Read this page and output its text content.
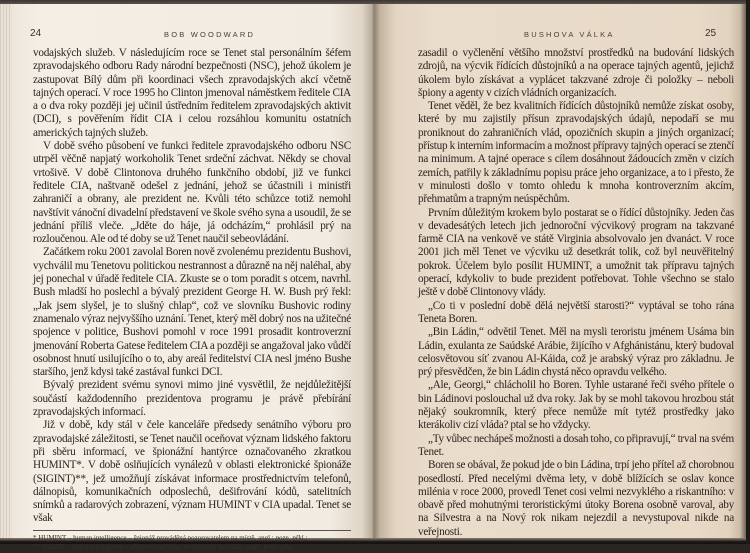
24	BOB WOODWARD

vodajských služeb. V následujícím roce se Tenet stal personálním šéfem zpravodajského odboru Rady národní bezpečnosti (NSC), jehož úkolem je zastupovat Bílý dům při koordinaci všech zpravodajských akcí včetně tajných operací. V roce 1995 ho Clinton jmenoval náměstkem ředitele CIA a o dva roky později jej učinil ústředním ředitelem zpravodajských aktivit (DCI), s pověřením řídit CIA i celou rozsáhlou komunitu ostatních amerických tajných služeb.

V době svého působení ve funkci ředitele zpravodajského odboru NSC utrpěl věčně napjatý workoholik Tenet srdeční záchvat. Někdy se choval vrtošivě. V době Clintonova druhého funkčního období, již ve funkci ředitele CIA, naštvaně odešel z jednání, jehož se účastnili i ministři zahraničí a obrany, ale prezident ne. Kvůli této schůzce totiž nemohl navštívit vánoční divadelní představení ve škole svého syna a usoudil, že se jednání příliš vleče. „Jděte do háje, já odcházím,“ prohlásil prý na rozloučenou. Ale od té doby se už Tenet naučil sebeovládání.

Začátkem roku 2001 zavolal Boren nově zvolenému prezidentu Bushovi, vychválil mu Tenetovu politickou nestrannost a důrazně na něj naléhal, aby jej ponechal v úřadě ředitele CIA. Zkuste se o tom poradit s otcem, navrhl. Bush mladší ho poslechl a bývalý prezident George H. W. Bush prý řekl: „Jak jsem slyšel, je to slušný chlap“, což ve slovníku Bushovic rodiny znamenalo výraz nejvyššího uznání. Tenet, který měl dobrý nos na užitečné spojence v politice, Bushovi pomohl v roce 1991 prosadit kontroverzní jmenování Roberta Gatese ředitelem CIA a později se angažoval jako vůdčí osobnost hnutí usilujícího o to, aby areál ředitelství CIA nesl jméno Bushe staršího, jenž kdysi také zastával funkci DCI.

Bývalý prezident svému synovi mimo jiné vysvětlil, že nejdůležitější součástí každodenního prezidentova programu je právě přebírání zpravodajských informací.

Již v době, kdy stál v čele kanceláře předsedy senátního výboru pro zpravodajské záležitosti, se Tenet naučil oceňovat význam lidského faktoru při sběru informací, ve špionážní hantýrce označovaného zkratkou HUMINT*. V době oslňujících vynálezů v oblasti elektronické špionáže (SIGINT)**, jež umožňují získávat informace prostřednictvím telefonů, dálnopisů, komunikačních odposlechů, dešifrování kódů, satelitních snímků a radarových zobrazení, význam HUMINT v CIA upadal. Tenet se však

* HUMINT – human intelligence – špionáž prováděná pozorovatelem na místě, angl.; pozn. přkl.;
** SIGINT – signal intelligence – sdělovací technika ve službách špionáže; angl.; pozn. přkl.
BUSHOVA VÁLKA	25

zasadil o vyčlenění většího množství prostředků na budování lidských zdrojů, na výcvik řídících důstojníků a na operace tajných agentů, jejichž úkolem bylo získávat a vyplácet takzvané zdroje či položky – neboli špiony a agenty v cizích vládních organizacích.

Tenet věděl, že bez kvalitních řídících důstojníků nemůže získat osoby, které by mu zajistily přísun zpravodajských údajů, nepodaří se mu proniknout do zahraničních vlád, opozičních skupin a jiných organizací; přístup k interním informacím a možnost přípravy tajných operací se ztenčí na minimum. A tajné operace s cílem dosáhnout žádoucích změn v cizích zemích, patřily k základnímu popisu práce jeho organizace, a to i přesto, že v minulosti došlo v tomto ohledu k mnoha kontroverzním akcím, přehmatům a trapným neúspěchům.

Prvním důležitým krokem bylo postarat se o řídící důstojníky. Jeden čas v devadesátých letech jich jednoroční výcvikový program na takzvané farmě CIA na venkově ve státě Virginia absolvovalo jen dvanáct. V roce 2001 jich měl Tenet ve výcviku už desetkrát tolik, což byl neuvěřitelný pokrok. Účelem bylo posílit HUMINT, a umožnit tak přípravu tajných operací, kdykoliv to bude prezident potřebovat. Tohle všechno se stalo ještě v době Clintonovy vlády.

„Co ti v poslední době dělá největší starosti?“ vyptával se toho rána Teneta Boren.

„Bin Ládin,“ odvětil Tenet. Měl na mysli teroristu jménem Usáma bin Ládin, exulanta ze Saúdské Arábie, žijícího v Afghánistánu, který budoval celosvětovou síť zvanou Al-Káida, což je arabský výraz pro základnu. Je prý přesvědčen, že bin Ládin chystá něco opravdu velkého.

„Ale, Georgi,“ chlácholil ho Boren. Tyhle ustarané řeči svého přítele o bin Ládinovi poslouchal už dva roky. Jak by se mohl takovou hrozbou stát nějaký soukromník, který přece nemůže mít tytéž prostředky jako kterákoliv cizí vláda? ptal se ho vždycky.

„Ty vůbec nechápeš možnosti a dosah toho, co připravují,“ trval na svém Tenet.

Boren se obával, že pokud jde o bin Ládina, trpí jeho přítel až chorobnou posedlostí. Před necelými dvěma lety, v době blížících se oslav konce milénia v roce 2000, provedl Tenet cosi velmi nezvyklého a riskantního: v obavě před mohutnými teroristickými útoky Borena osobně varoval, aby na Silvestra a na Nový rok nikam nejezdil a nevystupoval nikde na veřejnosti.
